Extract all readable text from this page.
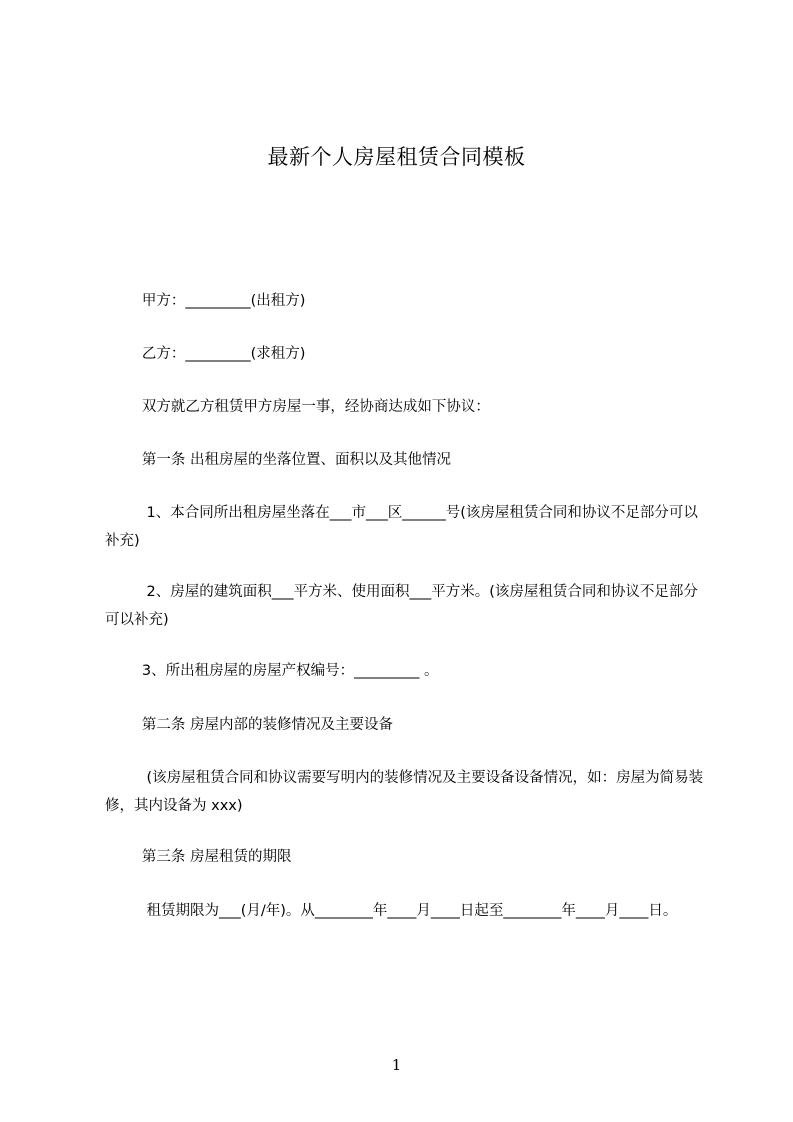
最新个人房屋租赁合同模板

甲方：_________(出租方)

乙方：_________(求租方)

双方就乙方租赁甲方房屋一事，经协商达成如下协议：

第一条 出租房屋的坐落位置、面积以及其他情况

1、本合同所出租房屋坐落在___市___区______号(该房屋租赁合同和协议不足部分可以补充)

2、房屋的建筑面积___平方米、使用面积___平方米。(该房屋租赁合同和协议不足部分可以补充)

3、所出租房屋的房屋产权编号：_________ 。

第二条 房屋内部的装修情况及主要设备

(该房屋租赁合同和协议需要写明内的装修情况及主要设备设备情况，如：房屋为简易装修，其内设备为 xxx)

第三条 房屋租赁的期限

租赁期限为___(月/年)。从________年____月____日起至________年____月____日。

1
